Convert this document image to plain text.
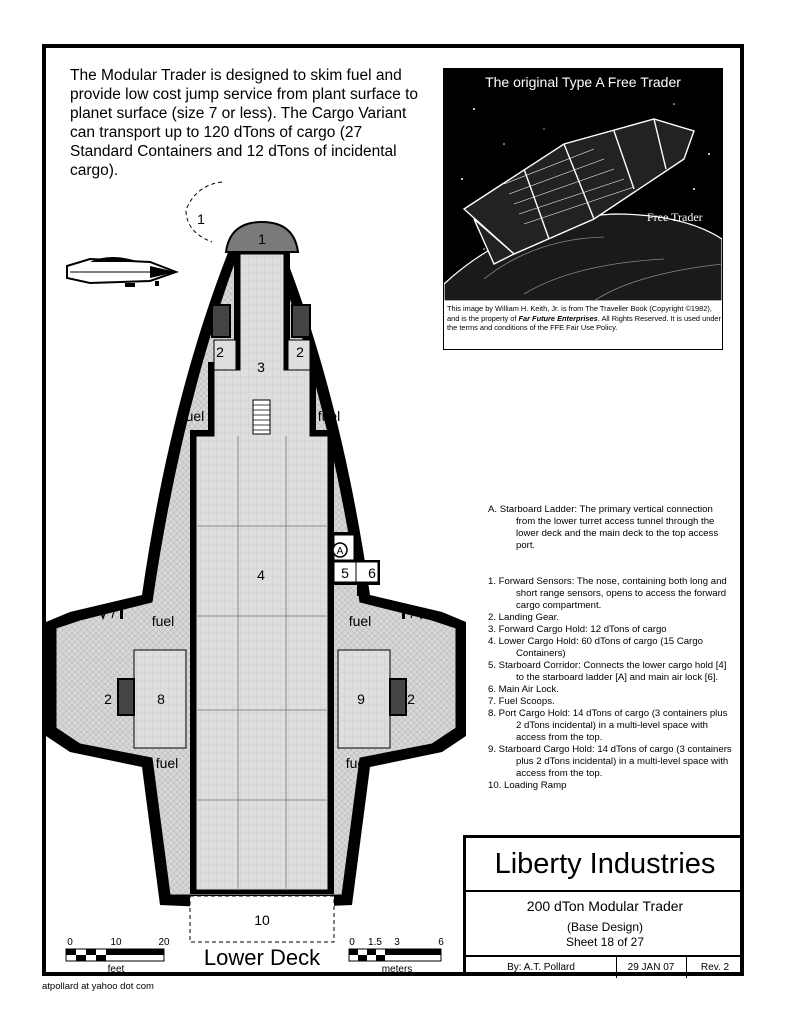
The Modular Trader is designed to skim fuel and provide low cost jump service from plant surface to planet surface (size 7 or less). The Cargo Variant can transport up to 120 dTons of cargo (27 Standard Containers and 12 dTons of incidental cargo).

Free Trader
The original Type A Free Trader
This image by William H. Keith, Jr. is from The Traveller Book (Copyright ©1982), and is the property of Far Future Enterprises. All Rights Reserved. It is used under the terms and conditions of the FFE Fair Use Policy.
1
1
2	2
3
fuel	fuel
4	5 6
fuel	fuel
2	8	9	2
fuel	fuel
10
A
7	7
Lower Deck
0	10	20
feet
0 1.5 3	6
meters
A. Starboard Ladder: The primary vertical connection from the lower turret access tunnel through the lower deck and the main deck to the top access port.
1. Forward Sensors: The nose, containing both long and short range sensors, opens to access the forward cargo compartment.
2. Landing Gear.
3. Forward Cargo Hold: 12 dTons of cargo
4. Lower Cargo Hold: 60 dTons of cargo (15 Cargo Containers)
5. Starboard Corridor: Connects the lower cargo hold [4] to the starboard ladder [A] and main air lock [6].
6. Main Air Lock.
7. Fuel Scoops.
8. Port Cargo Hold: 14 dTons of cargo (3 containers plus 2 dTons incidental) in a multi-level space with access from the top.
9. Starboard Cargo Hold: 14 dTons of cargo (3 containers plus 2 dTons incidental) in a multi-level space with access from the top.
10. Loading Ramp
Liberty Industries
200 dTon Modular Trader
(Base Design)
Sheet 18 of 27
By: A.T. Pollard	29 JAN 07	Rev. 2
atpollard at yahoo dot com
